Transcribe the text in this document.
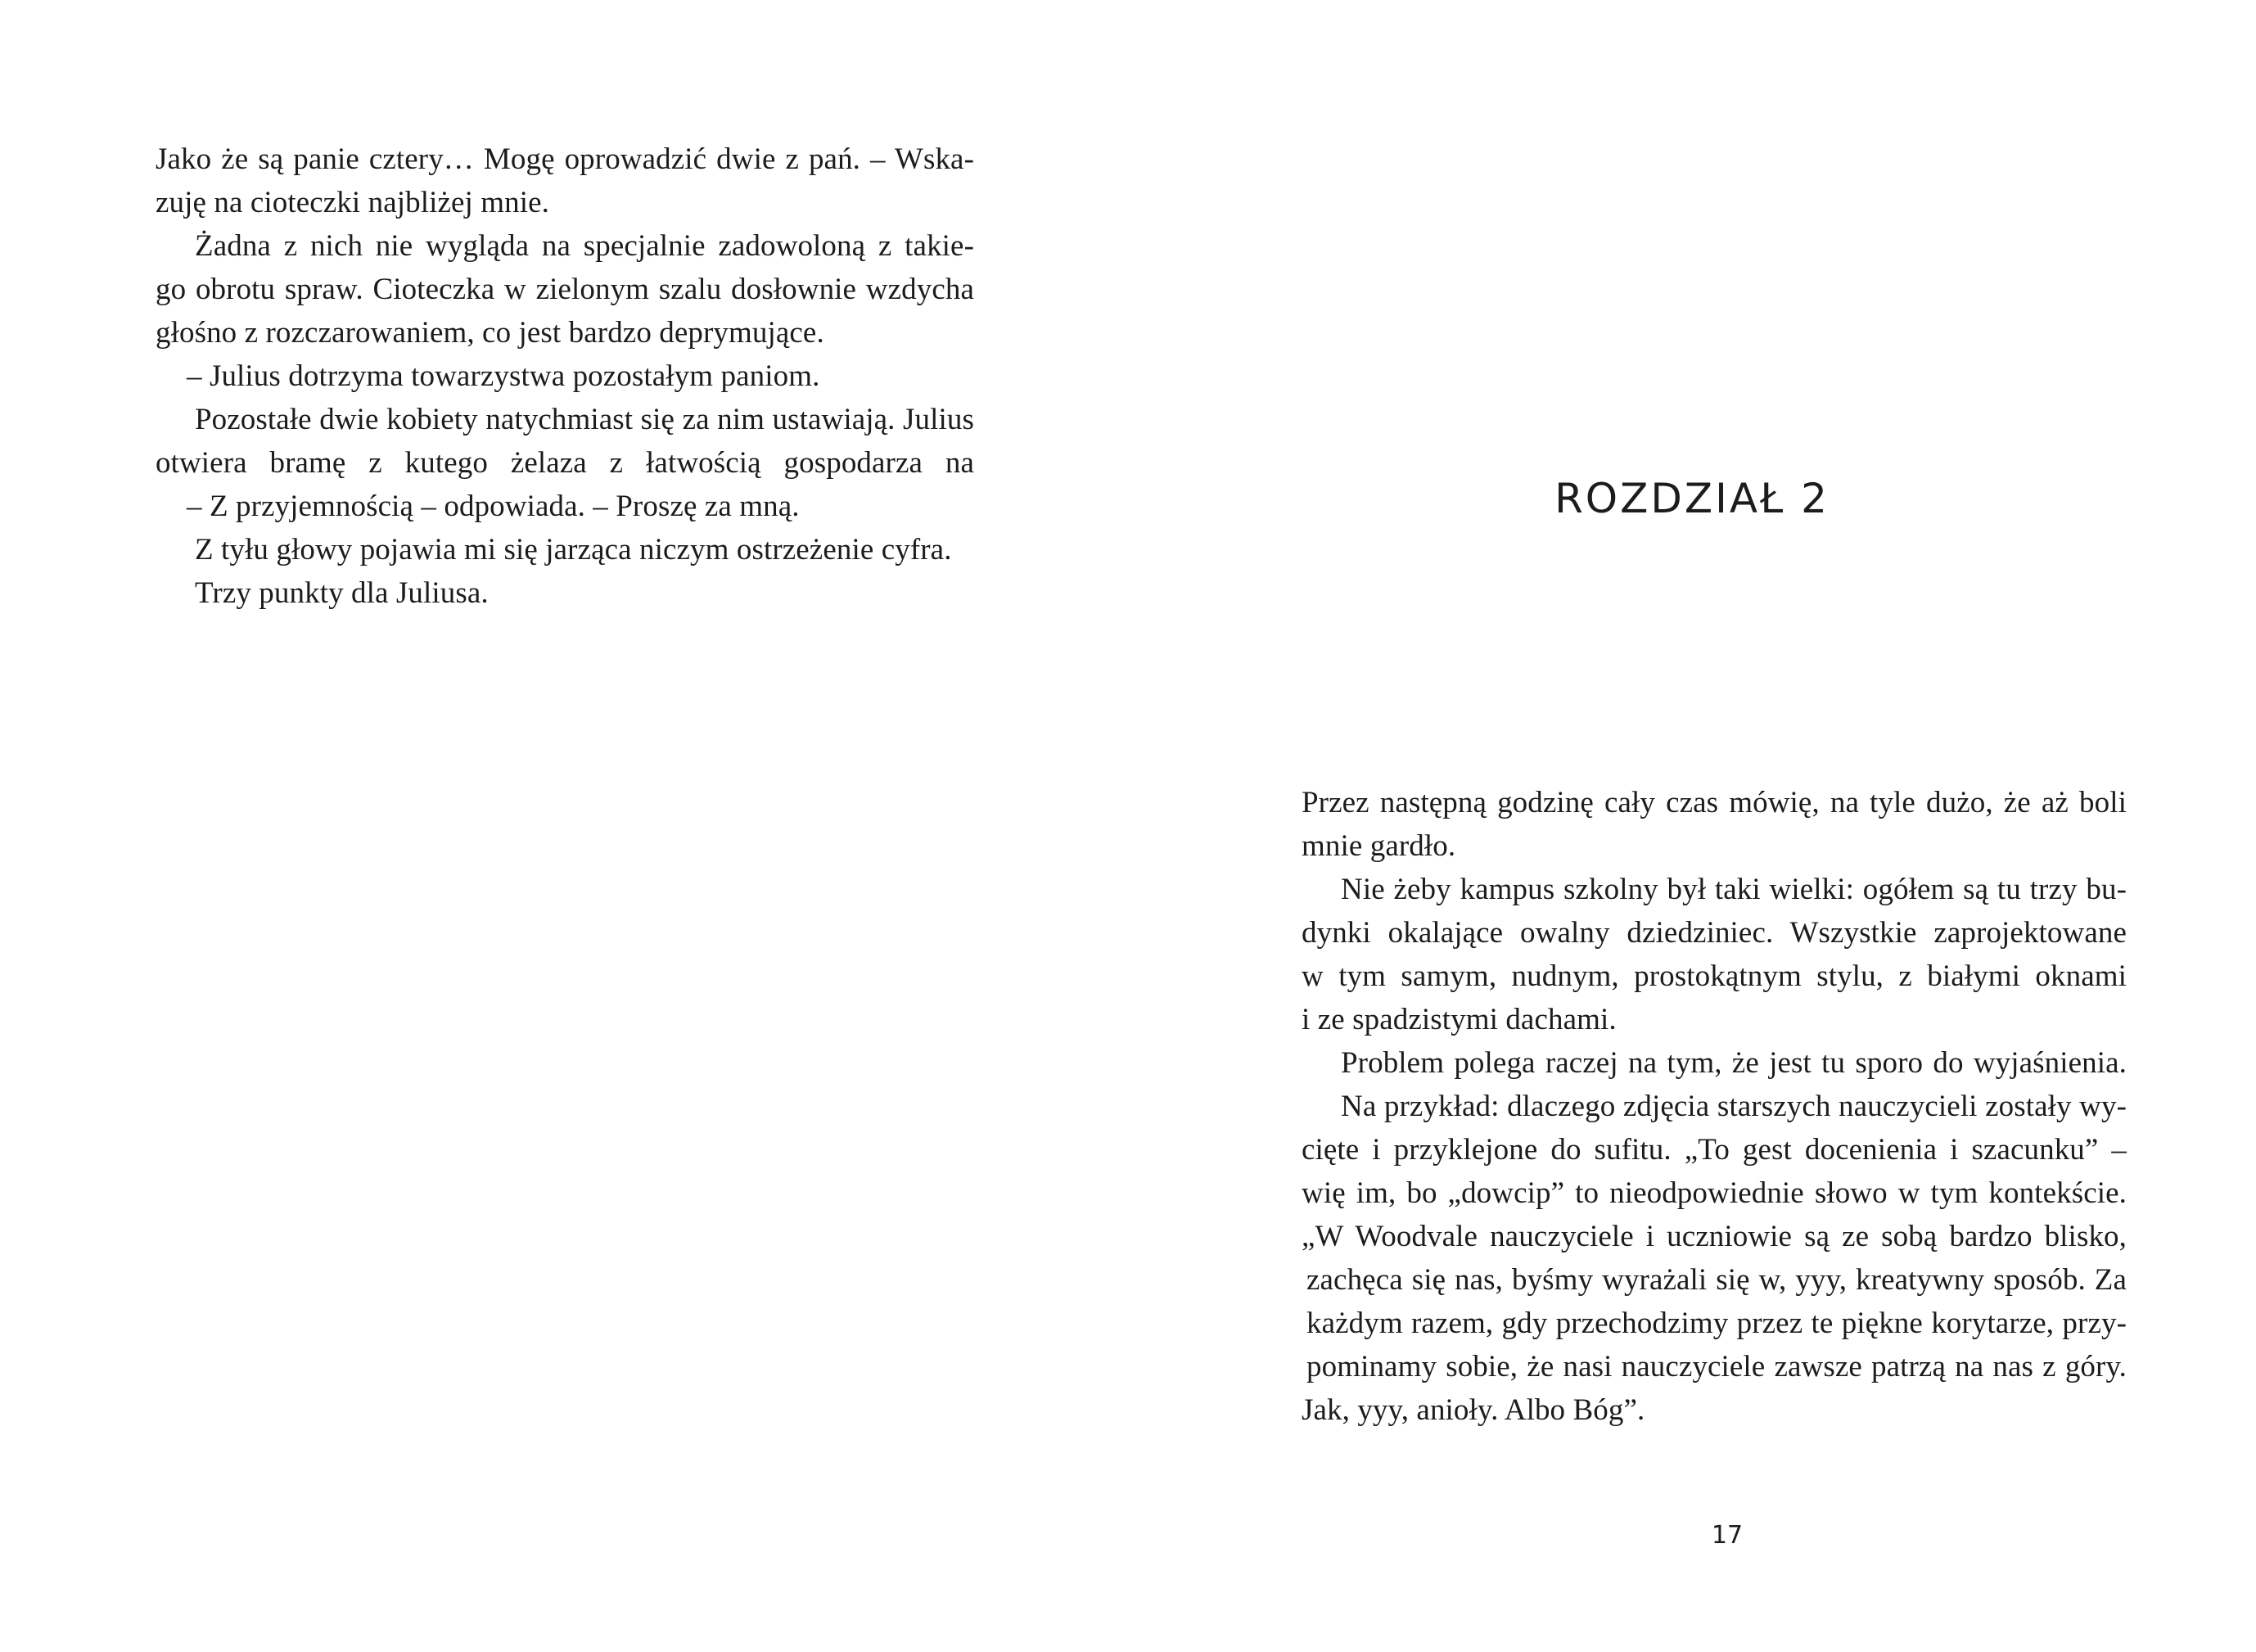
Jako że są panie cztery… Mogę oprowadzić dwie z pań. – Wska-
zuję na cioteczki najbliżej mnie.
Żadna z nich nie wygląda na specjalnie zadowoloną z takie-
go obrotu spraw. Cioteczka w zielonym szalu dosłownie wzdycha
głośno z rozczarowaniem, co jest bardzo deprymujące.
– Julius dotrzyma towarzystwa pozostałym paniom.
Pozostałe dwie kobiety natychmiast się za nim ustawiają. Julius
otwiera bramę z kutego żelaza z łatwością gospodarza na
– Z przyjemnością – odpowiada. – Proszę za mną.
Z tyłu głowy pojawia mi się jarząca niczym ostrzeżenie cyfra.
Trzy punkty dla Juliusa.
ROZDZIAŁ 2
Przez następną godzinę cały czas mówię, na tyle dużo, że aż boli
mnie gardło.
Nie żeby kampus szkolny był taki wielki: ogółem są tu trzy bu-
dynki okalające owalny dziedziniec. Wszystkie zaprojektowane
w tym samym, nudnym, prostokątnym stylu, z białymi oknami
i ze spadzistymi dachami.
Problem polega raczej na tym, że jest tu sporo do wyjaśnienia.
Na przykład: dlaczego zdjęcia starszych nauczycieli zostały wy-
cięte i przyklejone do sufitu. „To gest docenienia i szacunku” –
wię im, bo „dowcip” to nieodpowiednie słowo w tym kontekście.
„W Woodvale nauczyciele i uczniowie są ze sobą bardzo blisko,
zachęca się nas, byśmy wyrażali się w, yyy, kreatywny sposób. Za
każdym razem, gdy przechodzimy przez te piękne korytarze, przy-
pominamy sobie, że nasi nauczyciele zawsze patrzą na nas z góry.
Jak, yyy, anioły. Albo Bóg”.
17
